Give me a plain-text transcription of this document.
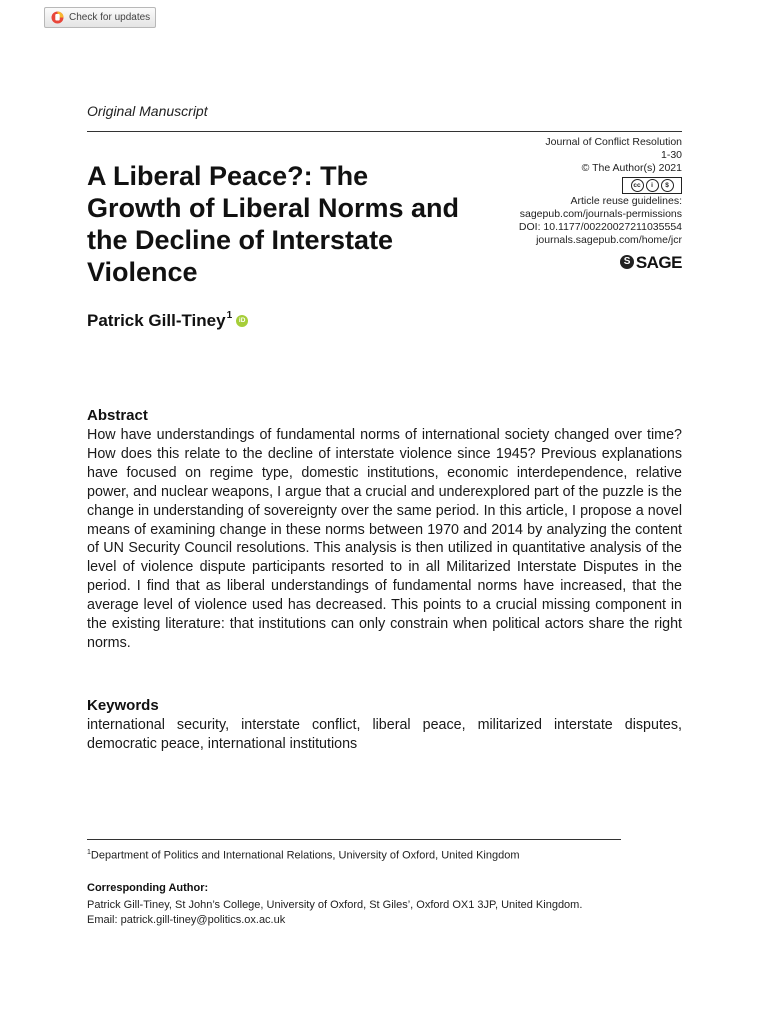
Check for updates
Original Manuscript
Journal of Conflict Resolution
1-30
© The Author(s) 2021
cc	i	$
Article reuse guidelines:
sagepub.com/journals-permissions
DOI: 10.1177/00220027211035554
journals.sagepub.com/home/jcr
S SAGE
A Liberal Peace?: The Growth of Liberal Norms and the Decline of Interstate Violence
Patrick Gill-Tiney$^1$	iD
Abstract

How have understandings of fundamental norms of international society changed over time? How does this relate to the decline of interstate violence since 1945? Previous explanations have focused on regime type, domestic institutions, economic interdependence, relative power, and nuclear weapons, I argue that a crucial and underexplored part of the puzzle is the change in understanding of sovereignty over the same period. In this article, I propose a novel means of examining change in these norms between 1970 and 2014 by analyzing the content of UN Security Council resolutions. This analysis is then utilized in quantitative analysis of the level of violence dispute participants resorted to in all Militarized Interstate Disputes in the period. I find that as liberal understandings of fundamental norms have increased, that the average level of violence used has decreased. This points to a crucial missing component in the existing literature: that institutions can only constrain when political actors share the right norms.

Keywords

international security, interstate conflict, liberal peace, militarized interstate disputes, democratic peace, international institutions

$^1$Department of Politics and International Relations, University of Oxford, United Kingdom
Corresponding Author:
Patrick Gill-Tiney, St John’s College, University of Oxford, St Giles’, Oxford OX1 3JP, United Kingdom.
Email: patrick.gill-tiney@politics.ox.ac.uk
